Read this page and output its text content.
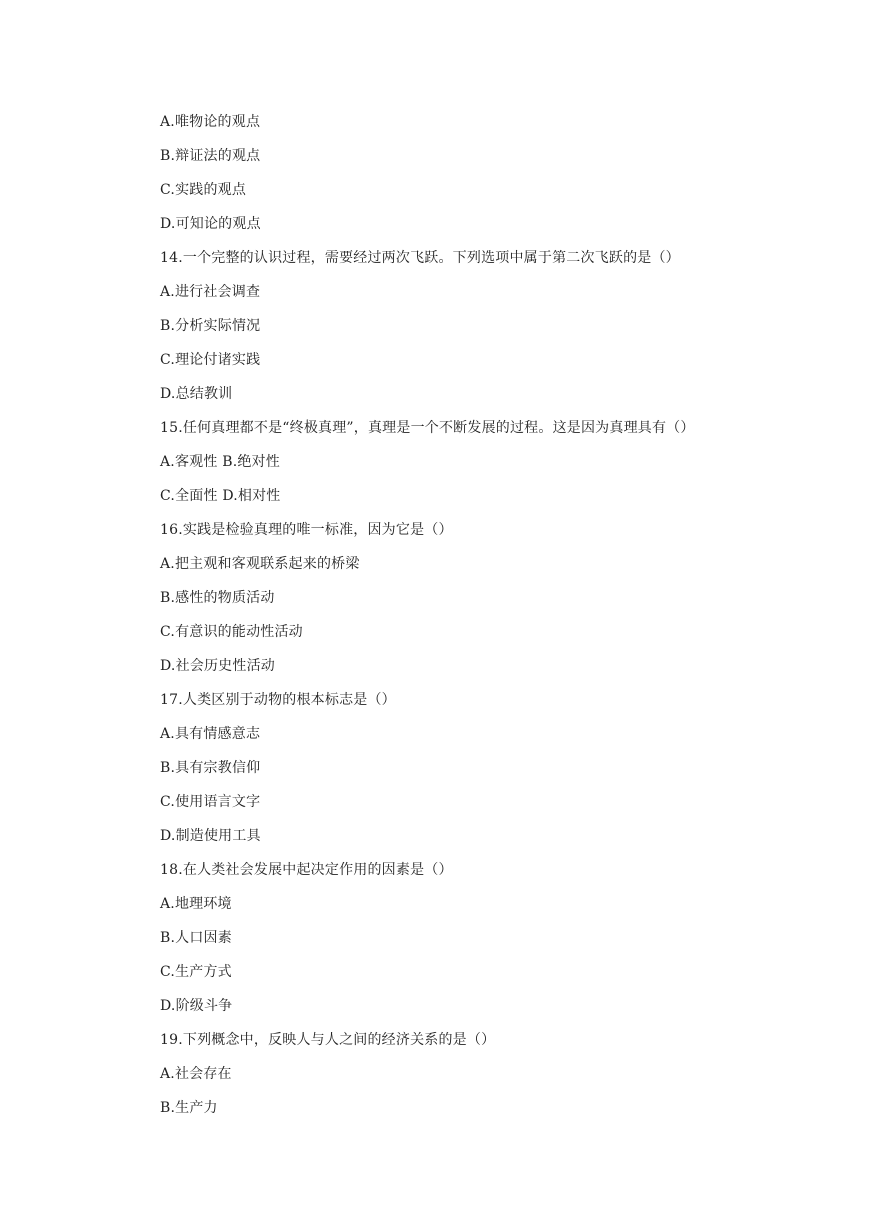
A.唯物论的观点
B.辩证法的观点
C.实践的观点
D.可知论的观点
14.一个完整的认识过程，需要经过两次飞跃。下列选项中属于第二次飞跃的是（）
A.进行社会调查
B.分析实际情况
C.理论付诸实践
D.总结教训
15.任何真理都不是“终极真理”，真理是一个不断发展的过程。这是因为真理具有（）
A.客观性 B.绝对性
C.全面性 D.相对性
16.实践是检验真理的唯一标准，因为它是（）
A.把主观和客观联系起来的桥梁
B.感性的物质活动
C.有意识的能动性活动
D.社会历史性活动
17.人类区别于动物的根本标志是（）
A.具有情感意志
B.具有宗教信仰
C.使用语言文字
D.制造使用工具
18.在人类社会发展中起决定作用的因素是（）
A.地理环境
B.人口因素
C.生产方式
D.阶级斗争
19.下列概念中，反映人与人之间的经济关系的是（）
A.社会存在
B.生产力
